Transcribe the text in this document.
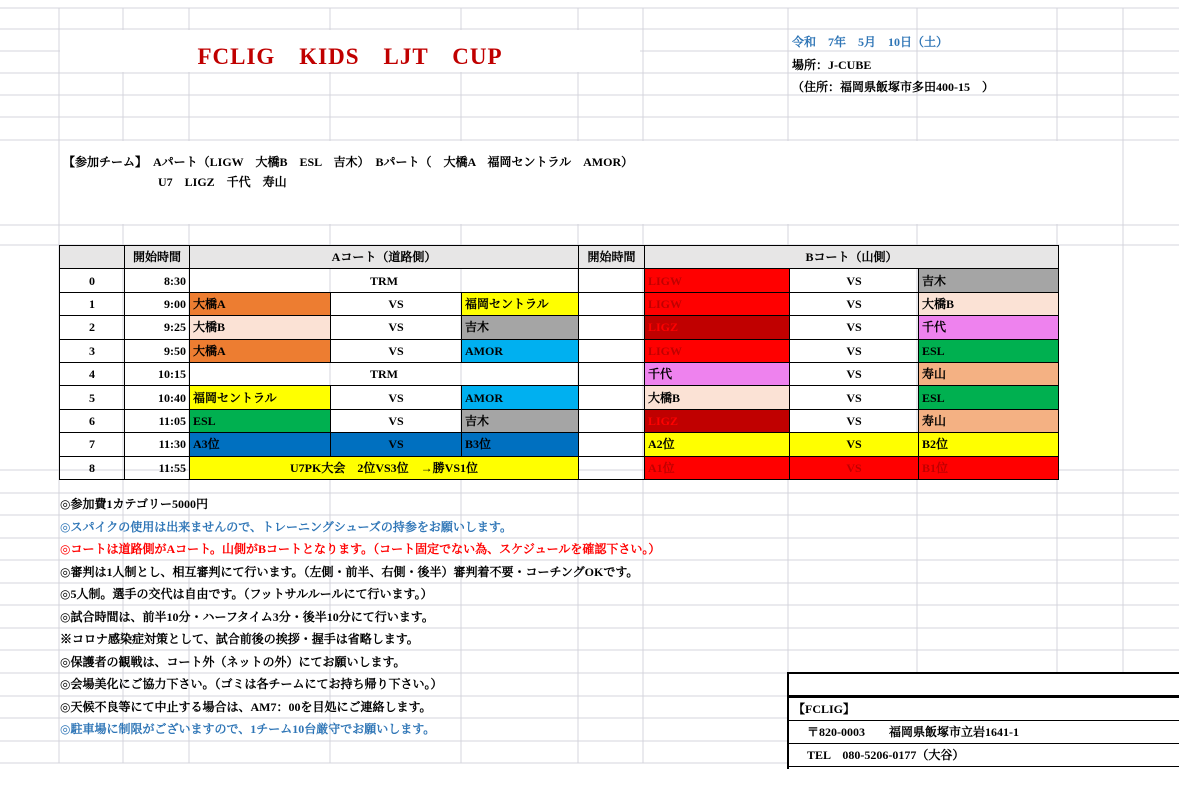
FCLIG　KIDS　LJT　CUP
令和　7年　5月　10日（土）
場所：J-CUBE
（住所：福岡県飯塚市多田400-15　）
【参加チーム】　Aパート（LIGW　大橋B　ESL　吉木）　Bパート（　大橋A　福岡セントラル　AMOR）
U7　LIGZ　千代　寿山
	開始時間	Aコート（道路側）			開始時間	Bコート（山側）		
0	8:30	TRM				LIGW	VS	吉木
1	9:00	大橋A	VS	福岡セントラル		LIGW	VS	大橋B
2	9:25	大橋B	VS	吉木		LIGZ	VS	千代
3	9:50	大橋A	VS	AMOR		LIGW	VS	ESL
4	10:15	TRM				千代	VS	寿山
5	10:40	福岡セントラル	VS	AMOR		大橋B	VS	ESL
6	11:05	ESL	VS	吉木		LIGZ	VS	寿山
7	11:30	A3位	VS	B3位		A2位	VS	B2位
8	11:55	U7PK大会　2位VS3位　→勝VS1位				A1位	VS	B1位
◎参加費1カテゴリー5000円
◎スパイクの使用は出来ませんので、トレーニングシューズの持参をお願いします。
◎コートは道路側がAコート。山側がBコートとなります。（コート固定でない為、スケジュールを確認下さい。）
◎審判は1人制とし、相互審判にて行います。（左側・前半、右側・後半）審判着不要・コーチングOKです。
◎5人制。選手の交代は自由です。（フットサルルールにて行います。）
◎試合時間は、前半10分・ハーフタイム3分・後半10分にて行います。
※コロナ感染症対策として、試合前後の挨拶・握手は省略します。
◎保護者の観戦は、コート外（ネットの外）にてお願いします。
◎会場美化にご協力下さい。（ゴミは各チームにてお持ち帰り下さい。）
◎天候不良等にて中止する場合は、AM7：00を目処にご連絡します。
◎駐車場に制限がございますので、1チーム10台厳守でお願いします。
【FCLIG】
〒820-0003　　福岡県飯塚市立岩1641-1
TEL　080-5206-0177（大谷）
